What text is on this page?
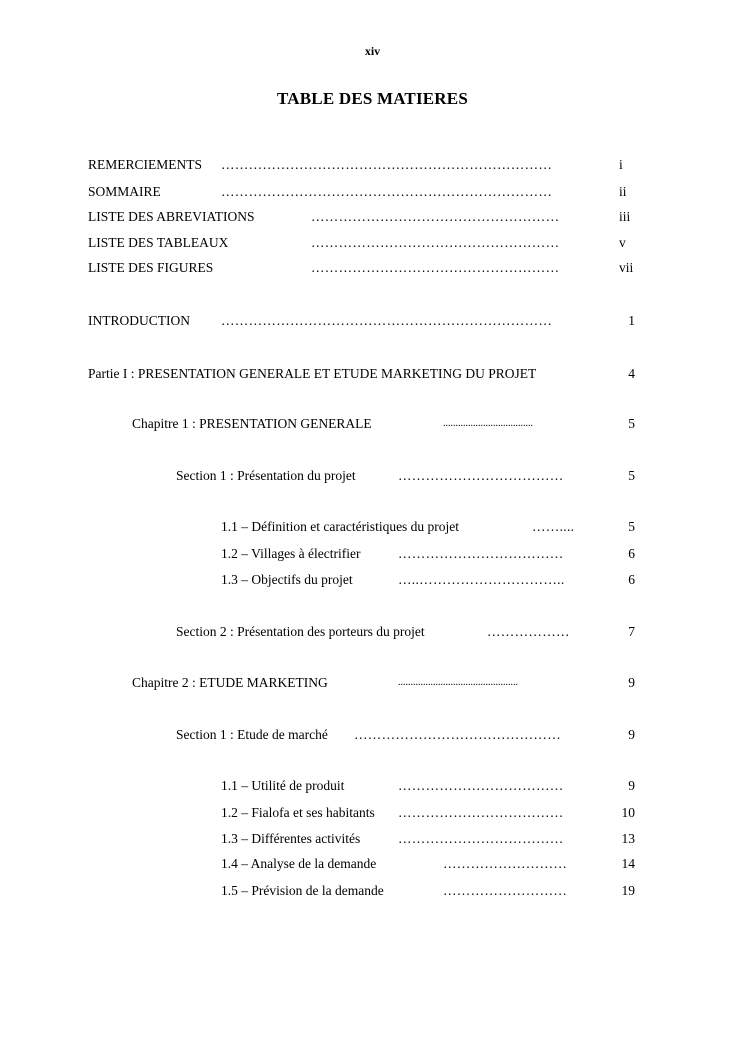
xiv
TABLE DES MATIERES
REMERCIEMENTS ………………………………………………………………	i
SOMMAIRE	………………………………………………………………	ii
LISTE DES ABREVIATIONS	………………………………………………	iii
LISTE DES TABLEAUX	………………………………………………	v
LISTE DES FIGURES	………………………………………………	vii
INTRODUCTION ………………………………………………………………	1
Partie I : PRESENTATION GENERALE ET ETUDE MARKETING DU PROJET	4
Chapitre 1 : PRESENTATION GENERALE	....................................	5
Section 1 : Présentation du projet	………………………………	5
1.1 – Définition et caractéristiques du projet	……....	5
1.2 – Villages à électrifier	………………………………	6
1.3 – Objectifs du projet	…..…………………………..	6
Section 2 : Présentation des porteurs du projet	………………	7
Chapitre 2 : ETUDE MARKETING	................................................	9
Section 1 : Etude de marché ………………………………………	9
1.1 – Utilité de produit	………………………………	9
1.2 – Fialofa et ses habitants ………………………………	10
1.3 – Différentes activités	………………………………	13
1.4 – Analyse de la demande	………………………	14
1.5 – Prévision de la demande	………………………	19
